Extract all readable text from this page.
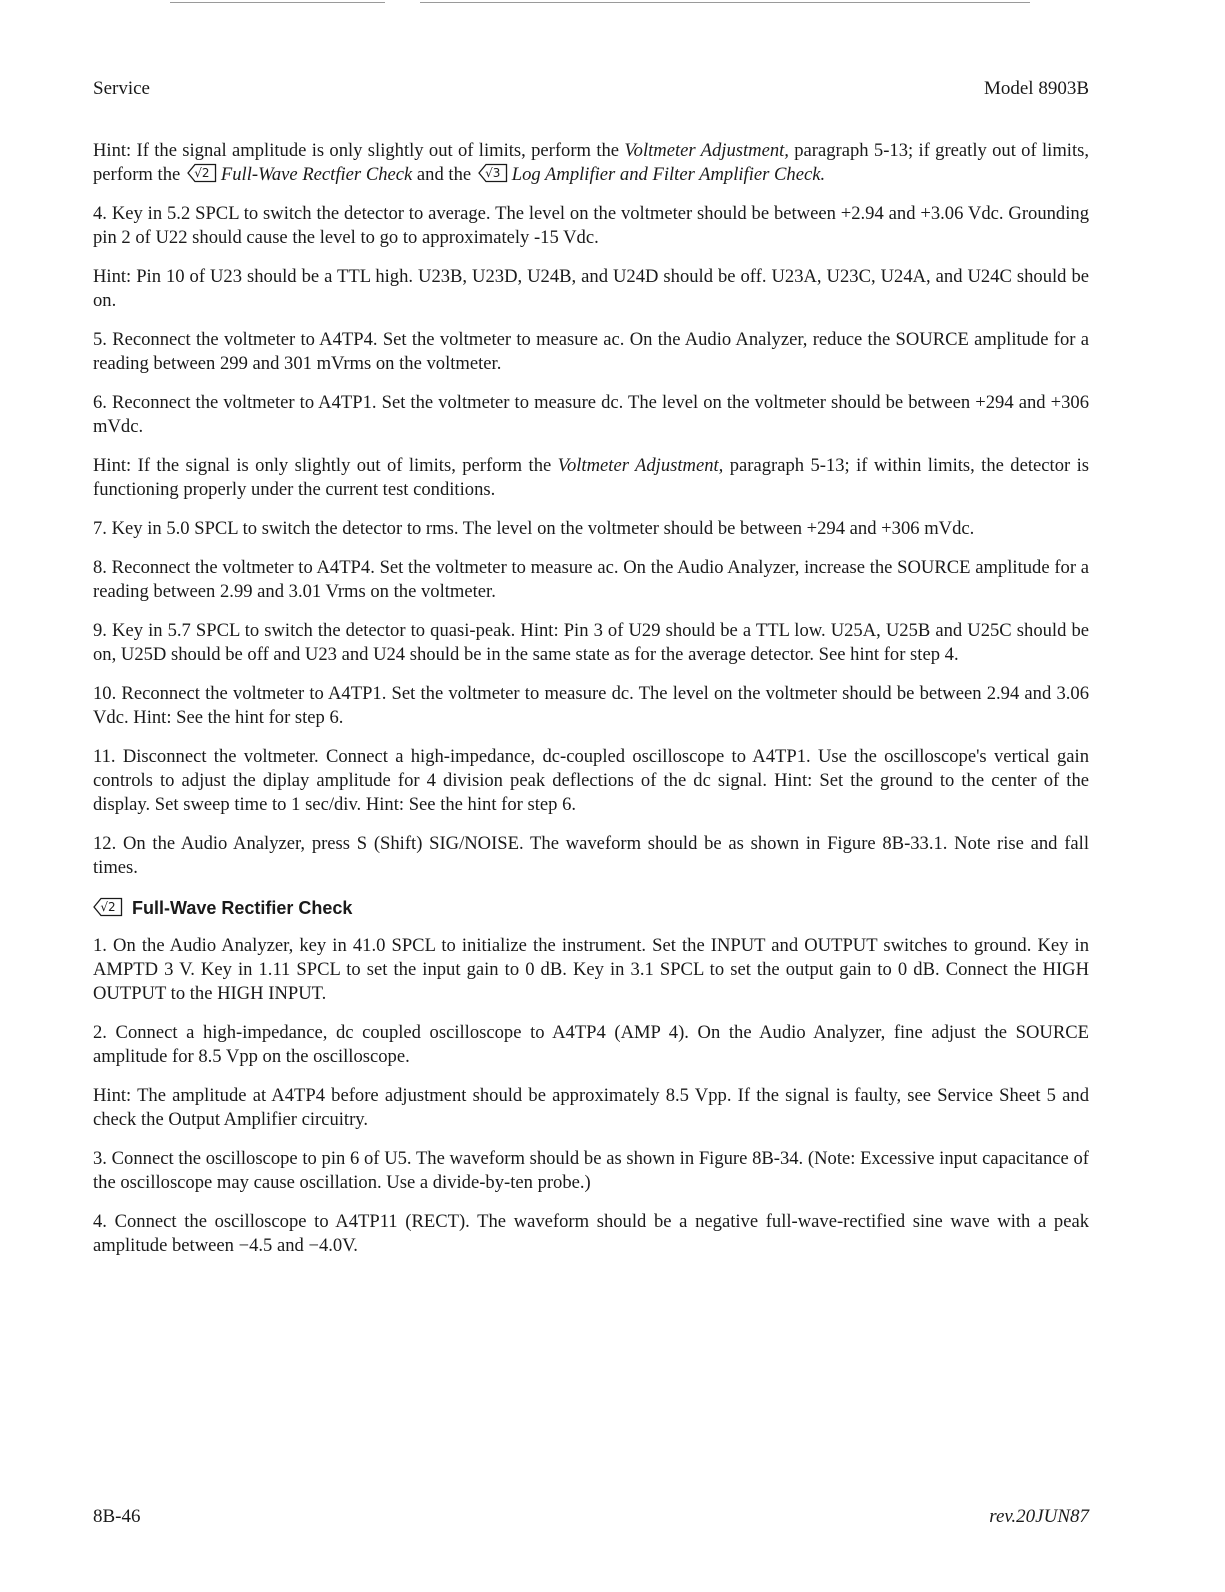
Service	Model 8903B

Hint: If the signal amplitude is only slightly out of limits, perform the Voltmeter Adjustment, paragraph 5-13; if greatly out of limits, perform the √2 Full-Wave Rectfier Check and the √3 Log Amplifier and Filter Amplifier Check.

4. Key in 5.2 SPCL to switch the detector to average. The level on the voltmeter should be between +2.94 and +3.06 Vdc. Grounding pin 2 of U22 should cause the level to go to approximately -15 Vdc.

Hint: Pin 10 of U23 should be a TTL high. U23B, U23D, U24B, and U24D should be off. U23A, U23C, U24A, and U24C should be on.

5. Reconnect the voltmeter to A4TP4. Set the voltmeter to measure ac. On the Audio Analyzer, reduce the SOURCE amplitude for a reading between 299 and 301 mVrms on the voltmeter.

6. Reconnect the voltmeter to A4TP1. Set the voltmeter to measure dc. The level on the voltmeter should be between +294 and +306 mVdc.

Hint: If the signal is only slightly out of limits, perform the Voltmeter Adjustment, paragraph 5-13; if within limits, the detector is functioning properly under the current test conditions.

7. Key in 5.0 SPCL to switch the detector to rms. The level on the voltmeter should be between +294 and +306 mVdc.

8. Reconnect the voltmeter to A4TP4. Set the voltmeter to measure ac. On the Audio Analyzer, increase the SOURCE amplitude for a reading between 2.99 and 3.01 Vrms on the voltmeter.

9. Key in 5.7 SPCL to switch the detector to quasi-peak. Hint: Pin 3 of U29 should be a TTL low. U25A, U25B and U25C should be on, U25D should be off and U23 and U24 should be in the same state as for the average detector. See hint for step 4.

10. Reconnect the voltmeter to A4TP1. Set the voltmeter to measure dc. The level on the voltmeter should be between 2.94 and 3.06 Vdc. Hint: See the hint for step 6.

11. Disconnect the voltmeter. Connect a high-impedance, dc-coupled oscilloscope to A4TP1. Use the oscilloscope's vertical gain controls to adjust the diplay amplitude for 4 division peak deflections of the dc signal. Hint: Set the ground to the center of the display. Set sweep time to 1 sec/div. Hint: See the hint for step 6.

12. On the Audio Analyzer, press S (Shift) SIG/NOISE. The waveform should be as shown in Figure 8B-33.1. Note rise and fall times.

√2 Full-Wave Rectifier Check

1. On the Audio Analyzer, key in 41.0 SPCL to initialize the instrument. Set the INPUT and OUTPUT switches to ground. Key in AMPTD 3 V. Key in 1.11 SPCL to set the input gain to 0 dB. Key in 3.1 SPCL to set the output gain to 0 dB. Connect the HIGH OUTPUT to the HIGH INPUT.

2. Connect a high-impedance, dc coupled oscilloscope to A4TP4 (AMP 4). On the Audio Analyzer, fine adjust the SOURCE amplitude for 8.5 Vpp on the oscilloscope.

Hint: The amplitude at A4TP4 before adjustment should be approximately 8.5 Vpp. If the signal is faulty, see Service Sheet 5 and check the Output Amplifier circuitry.

3. Connect the oscilloscope to pin 6 of U5. The waveform should be as shown in Figure 8B-34. (Note: Excessive input capacitance of the oscilloscope may cause oscillation. Use a divide-by-ten probe.)

4. Connect the oscilloscope to A4TP11 (RECT). The waveform should be a negative full-wave-rectified sine wave with a peak amplitude between −4.5 and −4.0V.

8B-46	rev.20JUN87
